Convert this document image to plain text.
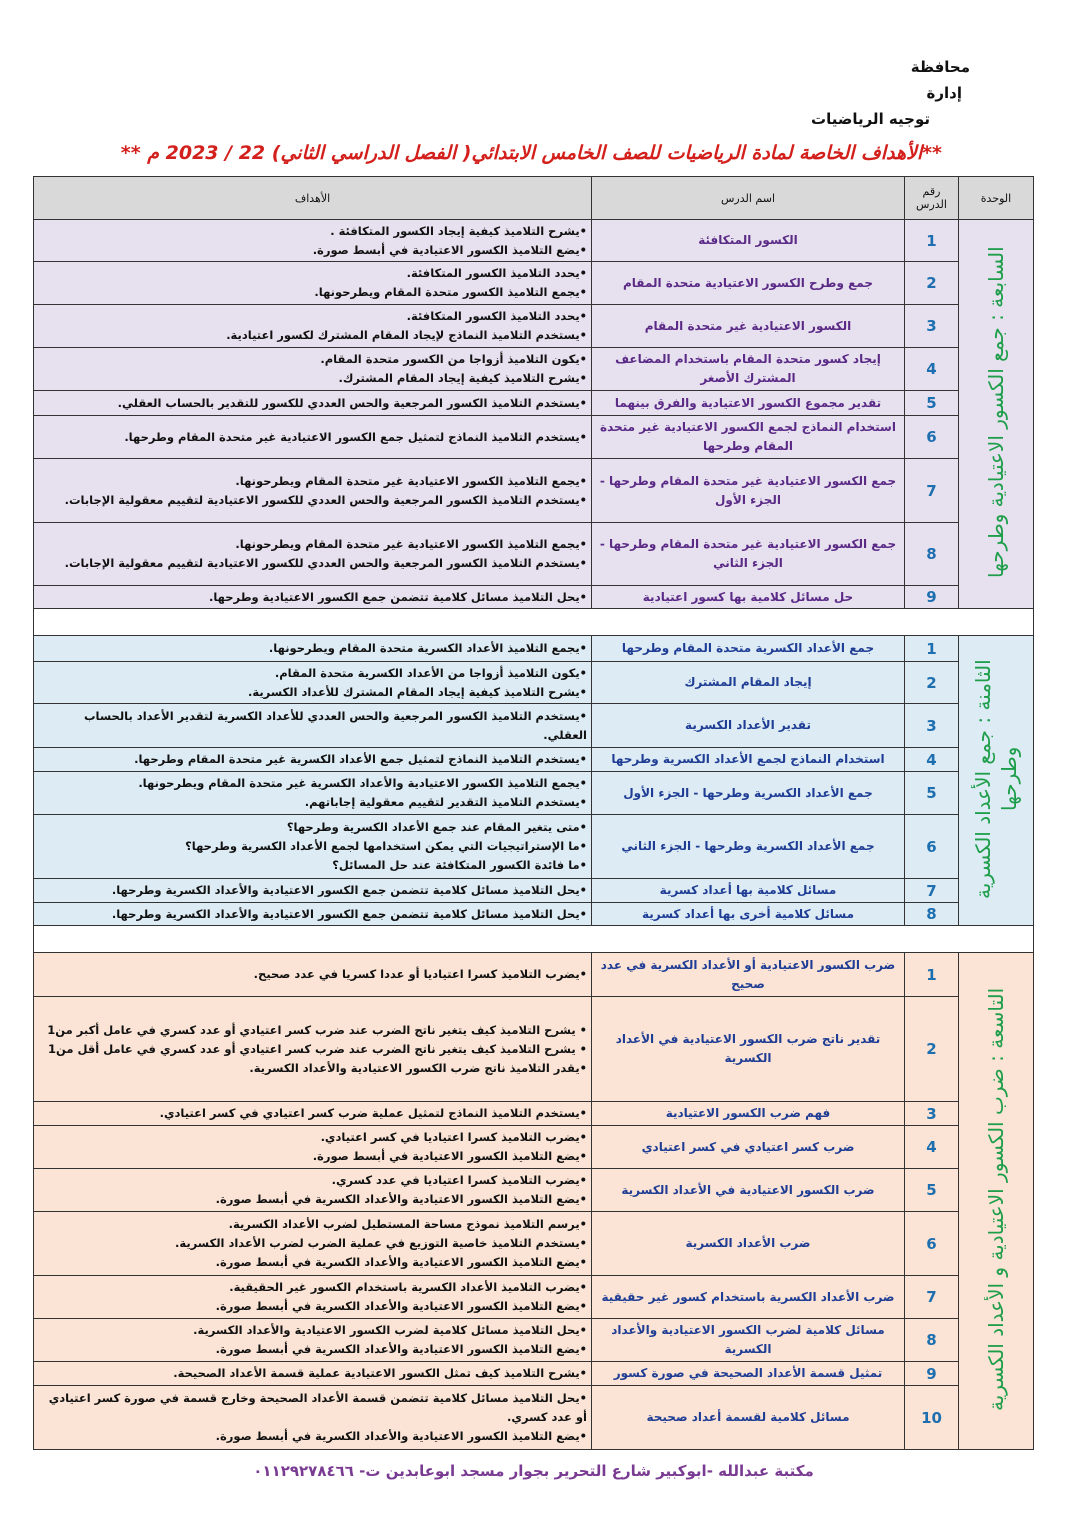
محافظة
إدارة
توجيه الرياضيات
**الأهداف الخاصة لمادة الرياضيات للصف الخامس الابتدائي( الفصل الدراسي الثاني) 22 / 2023 م **
الوحدة	رقم الدرس	اسم الدرس	الأهداف
السابعة : جمع الكسور الاعتيادية وطرحها	1	الكسور المتكافئة	•يشرح التلاميذ كيفية إيجاد الكسور المتكافئة .
•يضع التلاميذ الكسور الاعتيادية في أبسط صورة.

	2	جمع وطرح الكسور الاعتيادية متحدة المقام	•يحدد التلاميذ الكسور المتكافئة.
•يجمع التلاميذ الكسور متحدة المقام ويطرحونها.

	3	الكسور الاعتيادية غير متحدة المقام	•يحدد التلاميذ الكسور المتكافئة.
•يستخدم التلاميذ النماذج لإيجاد المقام المشترك لكسور اعتيادية.

	4	إيجاد كسور متحدة المقام باستخدام المضاعف المشترك الأصغر	•يكون التلاميذ أزواجا من الكسور متحدة المقام.
•يشرح التلاميذ كيفية إيجاد المقام المشترك.

	5	تقدير مجموع الكسور الاعتيادية والفرق بينهما	•يستخدم التلاميذ الكسور المرجعية والحس العددي للكسور للتقدير بالحساب العقلي.

	6	استخدام النماذج لجمع الكسور الاعتيادية غير متحدة المقام وطرحها	•يستخدم التلاميذ النماذج لتمثيل جمع الكسور الاعتيادية غير متحدة المقام وطرحها.

	7	جمع الكسور الاعتيادية غير متحدة المقام وطرحها - الجزء الأول	•يجمع التلاميذ الكسور الاعتيادية غير متحدة المقام ويطرحونها.
•يستخدم التلاميذ الكسور المرجعية والحس العددي للكسور الاعتيادية لتقييم معقولية الإجابات.

	8	جمع الكسور الاعتيادية غير متحدة المقام وطرحها - الجزء الثاني	•يجمع التلاميذ الكسور الاعتيادية غير متحدة المقام ويطرحونها.
•يستخدم التلاميذ الكسور المرجعية والحس العددي للكسور الاعتيادية لتقييم معقولية الإجابات.

	9	حل مسائل كلامية بها كسور اعتيادية	•يحل التلاميذ مسائل كلامية تتضمن جمع الكسور الاعتيادية وطرحها.

الثامنة : جمع الأعداد الكسرية وطرحها	1	جمع الأعداد الكسرية متحدة المقام وطرحها	•يجمع التلاميذ الأعداد الكسرية متحدة المقام ويطرحونها.

	2	إيجاد المقام المشترك	•يكون التلاميذ أزواجا من الأعداد الكسرية متحدة المقام.
•يشرح التلاميذ كيفية إيجاد المقام المشترك للأعداد الكسرية.

	3	تقدير الأعداد الكسرية	•يستخدم التلاميذ الكسور المرجعية والحس العددي للأعداد الكسرية لتقدير الأعداد بالحساب العقلي.

	4	استخدام النماذج لجمع الأعداد الكسرية وطرحها	•يستخدم التلاميذ النماذج لتمثيل جمع الأعداد الكسرية غير متحدة المقام وطرحها.

	5	جمع الأعداد الكسرية وطرحها - الجزء الأول	•يجمع التلاميذ الكسور الاعتيادية والأعداد الكسرية غير متحدة المقام ويطرحونها.
•يستخدم التلاميذ التقدير لتقييم معقولية إجاباتهم.

	6	جمع الأعداد الكسرية وطرحها - الجزء الثاني	•متى يتغير المقام عند جمع الأعداد الكسرية وطرحها؟
•ما الإستراتيجيات التي يمكن استخدامها لجمع الأعداد الكسرية وطرحها؟
•ما فائدة الكسور المتكافئة عند حل المسائل؟

	7	مسائل كلامية بها أعداد كسرية	•يحل التلاميذ مسائل كلامية تتضمن جمع الكسور الاعتيادية والأعداد الكسرية وطرحها.

	8	مسائل كلامية أخرى بها أعداد كسرية	•يحل التلاميذ مسائل كلامية تتضمن جمع الكسور الاعتيادية والأعداد الكسرية وطرحها.

التاسعة : ضرب الكسور الاعتيادية و الأعداد الكسرية	1	ضرب الكسور الاعتيادية أو الأعداد الكسرية في عدد صحيح	•يضرب التلاميذ كسرا اعتياديا أو عددا كسريا في عدد صحيح.

	2	تقدير ناتج ضرب الكسور الاعتيادية في الأعداد الكسرية	• يشرح التلاميذ كيف يتغير ناتج الضرب عند ضرب كسر اعتيادي أو عدد كسري في عامل أكبر من1
• يشرح التلاميذ كيف يتغير ناتج الضرب عند ضرب كسر اعتيادي أو عدد كسري في عامل أقل من1
•يقدر التلاميذ ناتج ضرب الكسور الاعتيادية والأعداد الكسرية.

	3	فهم ضرب الكسور الاعتيادية	•يستخدم التلاميذ النماذج لتمثيل عملية ضرب كسر اعتيادي في كسر اعتيادي.

	4	ضرب كسر اعتيادي في كسر اعتيادي	•يضرب التلاميذ كسرا اعتياديا في كسر اعتيادي.
•يضع التلاميذ الكسور الاعتيادية في أبسط صورة.

	5	ضرب الكسور الاعتيادية في الأعداد الكسرية	•يضرب التلاميذ كسرا اعتياديا في عدد كسري.
•يضع التلاميذ الكسور الاعتيادية والأعداد الكسرية في أبسط صورة.

	6	ضرب الأعداد الكسرية	•يرسم التلاميذ نموذج مساحة المستطيل لضرب الأعداد الكسرية.
•يستخدم التلاميذ خاصية التوزيع في عملية الضرب لضرب الأعداد الكسرية.
•يضع التلاميذ الكسور الاعتيادية والأعداد الكسرية في أبسط صورة.

	7	ضرب الأعداد الكسرية باستخدام كسور غير حقيقية	•يضرب التلاميذ الأعداد الكسرية باستخدام الكسور غير الحقيقية.
•يضع التلاميذ الكسور الاعتيادية والأعداد الكسرية في أبسط صورة.

	8	مسائل كلامية لضرب الكسور الاعتيادية والأعداد الكسرية	•يحل التلاميذ مسائل كلامية لضرب الكسور الاعتيادية والأعداد الكسرية.
•يضع التلاميذ الكسور الاعتيادية والأعداد الكسرية في أبسط صورة.

	9	تمثيل قسمة الأعداد الصحيحة في صورة كسور	•يشرح التلاميذ كيف تمثل الكسور الاعتيادية عملية قسمة الأعداد الصحيحة.

	10	مسائل كلامية لقسمة أعداد صحيحة	•يحل التلاميذ مسائل كلامية تتضمن قسمة الأعداد الصحيحة وخارج قسمة في صورة كسر اعتيادي أو عدد كسري.
•يضع التلاميذ الكسور الاعتيادية والأعداد الكسرية في أبسط صورة.
مكتبة عبدالله -ابوكبير شارع التحرير بجوار مسجد ابوعابدين ت- ٠١١٢٩٢٧٨٤٦٦
